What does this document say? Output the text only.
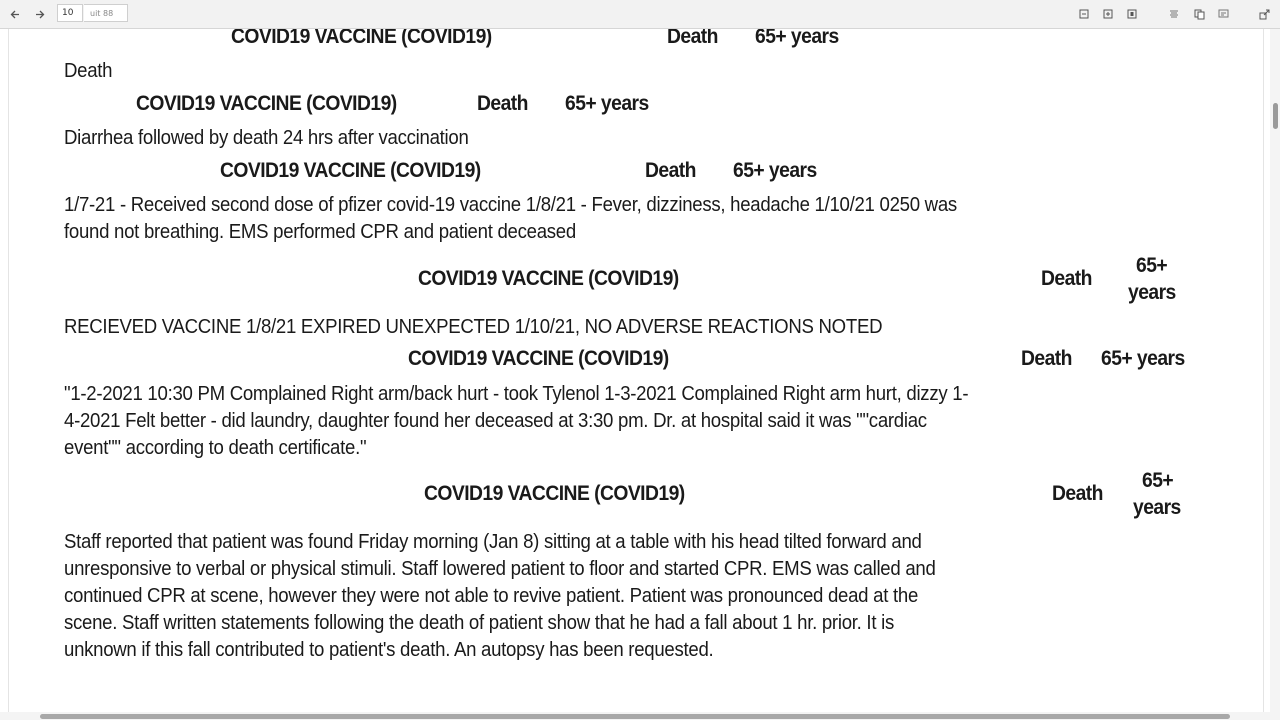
10
uit 88
COVID19 VACCINE (COVID19)	Death 65+ years
Death
COVID19 VACCINE (COVID19)	Death 65+ years
Diarrhea followed by death 24 hrs after vaccination
COVID19 VACCINE (COVID19)	Death 65+ years
1/7-21 - Received second dose of pfizer covid-19 vaccine 1/8/21 - Fever, dizziness, headache 1/10/21 0250 was
found not breathing. EMS performed CPR and patient deceased
COVID19 VACCINE (COVID19)	Death
65+
years
RECIEVED VACCINE 1/8/21 EXPIRED UNEXPECTED 1/10/21, NO ADVERSE REACTIONS NOTED
COVID19 VACCINE (COVID19)	Death 65+ years
"1-2-2021 10:30 PM Complained Right arm/back hurt - took Tylenol 1-3-2021 Complained Right arm hurt, dizzy 1-
4-2021 Felt better - did laundry, daughter found her deceased at 3:30 pm. Dr. at hospital said it was ""cardiac
event"" according to death certificate."
COVID19 VACCINE (COVID19)	Death
65+
years
Staff reported that patient was found Friday morning (Jan 8) sitting at a table with his head tilted forward and
unresponsive to verbal or physical stimuli. Staff lowered patient to floor and started CPR. EMS was called and
continued CPR at scene, however they were not able to revive patient. Patient was pronounced dead at the
scene. Staff written statements following the death of patient show that he had a fall about 1 hr. prior. It is
unknown if this fall contributed to patient's death. An autopsy has been requested.
